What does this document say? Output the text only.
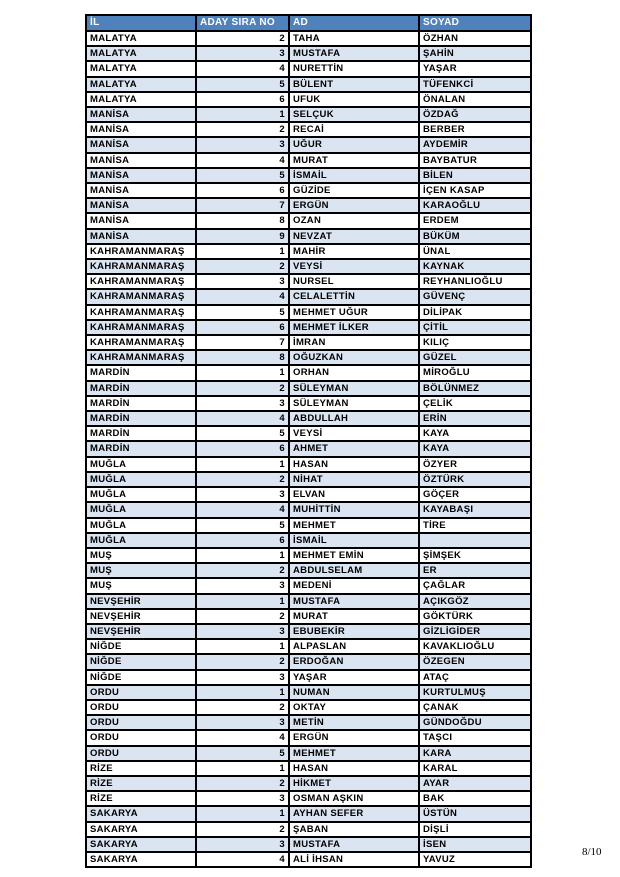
İL	ADAY SIRA NO	AD	SOYAD
MALATYA	2	TAHA	ÖZHAN
MALATYA	3	MUSTAFA	ŞAHİN
MALATYA	4	NURETTİN	YAŞAR
MALATYA	5	BÜLENT	TÜFENKCİ
MALATYA	6	UFUK	ÖNALAN
MANİSA	1	SELÇUK	ÖZDAĞ
MANİSA	2	RECAİ	BERBER
MANİSA	3	UĞUR	AYDEMİR
MANİSA	4	MURAT	BAYBATUR
MANİSA	5	İSMAİL	BİLEN
MANİSA	6	GÜZİDE	İÇEN KASAP
MANİSA	7	ERGÜN	KARAOĞLU
MANİSA	8	OZAN	ERDEM
MANİSA	9	NEVZAT	BÜKÜM
KAHRAMANMARAŞ	1	MAHİR	ÜNAL
KAHRAMANMARAŞ	2	VEYSİ	KAYNAK
KAHRAMANMARAŞ	3	NURSEL	REYHANLIOĞLU
KAHRAMANMARAŞ	4	CELALETTİN	GÜVENÇ
KAHRAMANMARAŞ	5	MEHMET UĞUR	DİLİPAK
KAHRAMANMARAŞ	6	MEHMET İLKER	ÇİTİL
KAHRAMANMARAŞ	7	İMRAN	KILIÇ
KAHRAMANMARAŞ	8	OĞUZKAN	GÜZEL
MARDİN	1	ORHAN	MİROĞLU
MARDİN	2	SÜLEYMAN	BÖLÜNMEZ
MARDİN	3	SÜLEYMAN	ÇELİK
MARDİN	4	ABDULLAH	ERİN
MARDİN	5	VEYSİ	KAYA
MARDİN	6	AHMET	KAYA
MUĞLA	1	HASAN	ÖZYER
MUĞLA	2	NİHAT	ÖZTÜRK
MUĞLA	3	ELVAN	GÖÇER
MUĞLA	4	MUHİTTİN	KAYABAŞI
MUĞLA	5	MEHMET	TİRE
MUĞLA	6	İSMAİL	
MUŞ	1	MEHMET EMİN	ŞİMŞEK
MUŞ	2	ABDULSELAM	ER
MUŞ	3	MEDENİ	ÇAĞLAR
NEVŞEHİR	1	MUSTAFA	AÇIKGÖZ
NEVŞEHİR	2	MURAT	GÖKTÜRK
NEVŞEHİR	3	EBUBEKİR	GİZLİGİDER
NİĞDE	1	ALPASLAN	KAVAKLIOĞLU
NİĞDE	2	ERDOĞAN	ÖZEGEN
NİĞDE	3	YAŞAR	ATAÇ
ORDU	1	NUMAN	KURTULMUŞ
ORDU	2	OKTAY	ÇANAK
ORDU	3	METİN	GÜNDOĞDU
ORDU	4	ERGÜN	TAŞCI
ORDU	5	MEHMET	KARA
RİZE	1	HASAN	KARAL
RİZE	2	HİKMET	AYAR
RİZE	3	OSMAN AŞKIN	BAK
SAKARYA	1	AYHAN SEFER	ÜSTÜN
SAKARYA	2	ŞABAN	DİŞLİ
SAKARYA	3	MUSTAFA	İSEN
SAKARYA	4	ALİ İHSAN	YAVUZ
8/10
